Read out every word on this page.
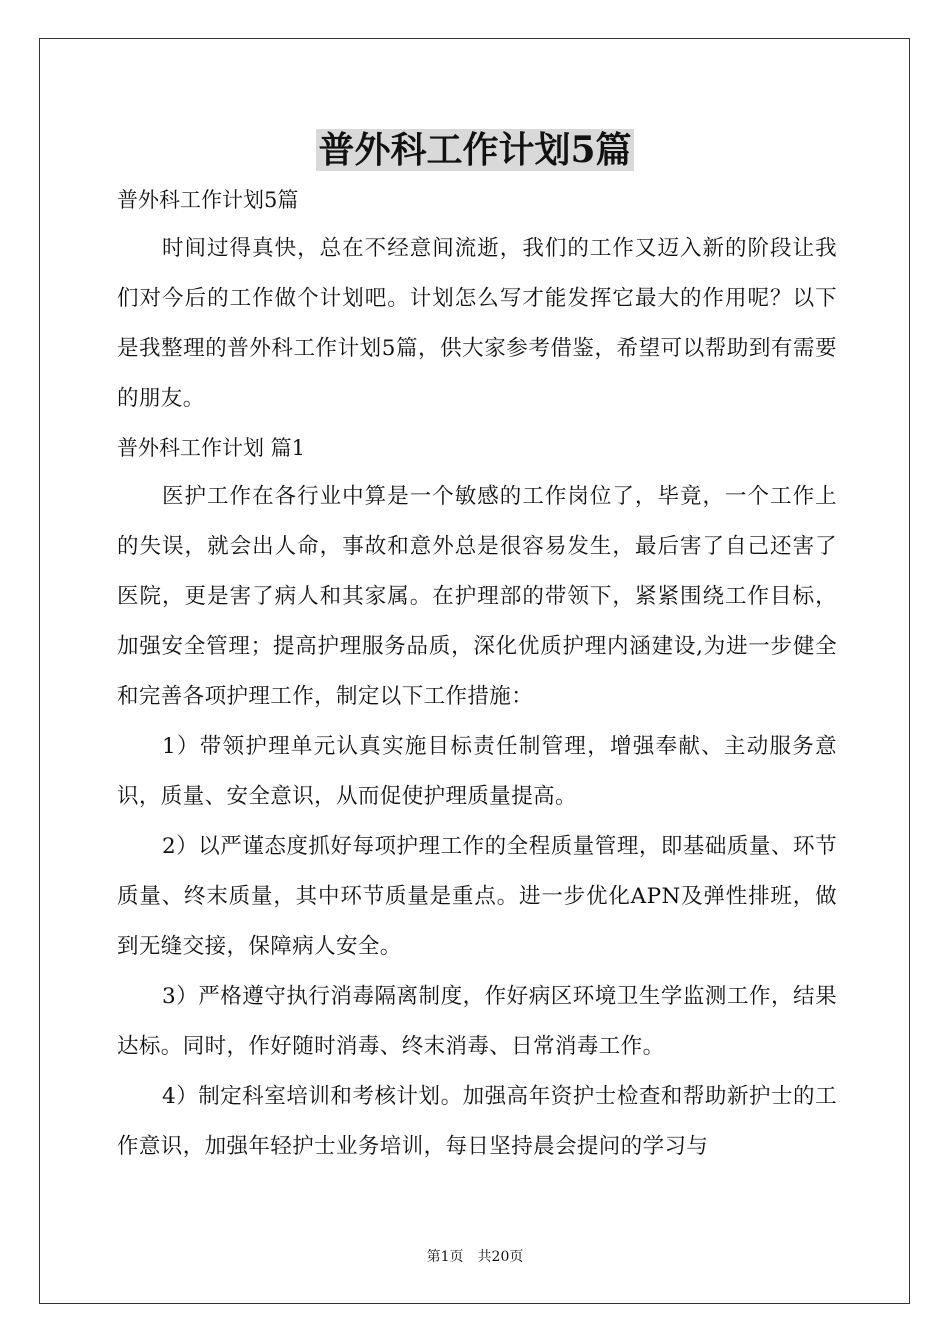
普外科工作计划5篇

普外科工作计划5篇

时间过得真快，总在不经意间流逝，我们的工作又迈入新的阶段让我们对今后的工作做个计划吧。计划怎么写才能发挥它最大的作用呢？以下是我整理的普外科工作计划5篇，供大家参考借鉴，希望可以帮助到有需要的朋友。

普外科工作计划 篇1

医护工作在各行业中算是一个敏感的工作岗位了，毕竟，一个工作上的失误，就会出人命，事故和意外总是很容易发生，最后害了自己还害了医院，更是害了病人和其家属。在护理部的带领下，紧紧围绕工作目标，加强安全管理；提高护理服务品质，深化优质护理内涵建设,为进一步健全和完善各项护理工作，制定以下工作措施：

1）带领护理单元认真实施目标责任制管理，增强奉献、主动服务意识，质量、安全意识，从而促使护理质量提高。

2）以严谨态度抓好每项护理工作的全程质量管理，即基础质量、环节质量、终末质量，其中环节质量是重点。进一步优化APN及弹性排班，做到无缝交接，保障病人安全。

3）严格遵守执行消毒隔离制度，作好病区环境卫生学监测工作，结果达标。同时，作好随时消毒、终末消毒、日常消毒工作。

4）制定科室培训和考核计划。加强高年资护士检查和帮助新护士的工作意识，加强年轻护士业务培训，每日坚持晨会提问的学习与

第1页　共20页
